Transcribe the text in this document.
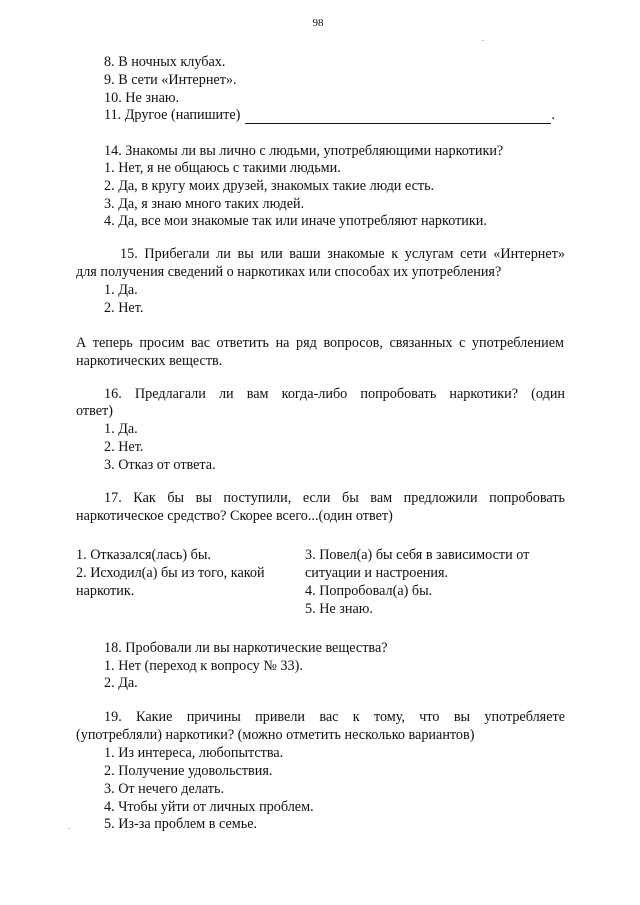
98
8. В ночных клубах.
9. В сети «Интернет».
10. Не знаю.
11. Другое (напишите)	.
14. Знакомы ли вы лично с людьми, употребляющими наркотики?
1. Нет, я не общаюсь с такими людьми.
2. Да, в кругу моих друзей, знакомых такие люди есть.
3. Да, я знаю много таких людей.
4. Да, все мои знакомые так или иначе употребляют наркотики.
15. Прибегали ли вы или ваши знакомые к услугам сети «Интернет»
для получения сведений о наркотиках или способах их употребления?
1. Да.
2. Нет.
А теперь просим вас ответить на ряд вопросов, связанных с употреблением
наркотических веществ.
16. Предлагали ли вам когда-либо попробовать наркотики? (один
ответ)
1. Да.
2. Нет.
3. Отказ от ответа.
17. Как бы вы поступили, если бы вам предложили попробовать
наркотическое средство? Скорее всего...(один ответ)
1. Отказался(лась) бы.
2. Исходил(а) бы из того, какой
наркотик.
3. Повел(а) бы себя в зависимости от
ситуации и настроения.
4. Попробовал(а) бы.
5. Не знаю.
18. Пробовали ли вы наркотические вещества?
1. Нет (переход к вопросу № 33).
2. Да.
19. Какие причины привели вас к тому, что вы употребляете
(употребляли) наркотики? (можно отметить несколько вариантов)
1. Из интереса, любопытства.
2. Получение удовольствия.
3. От нечего делать.
4. Чтобы уйти от личных проблем.
5. Из-за проблем в семье.
